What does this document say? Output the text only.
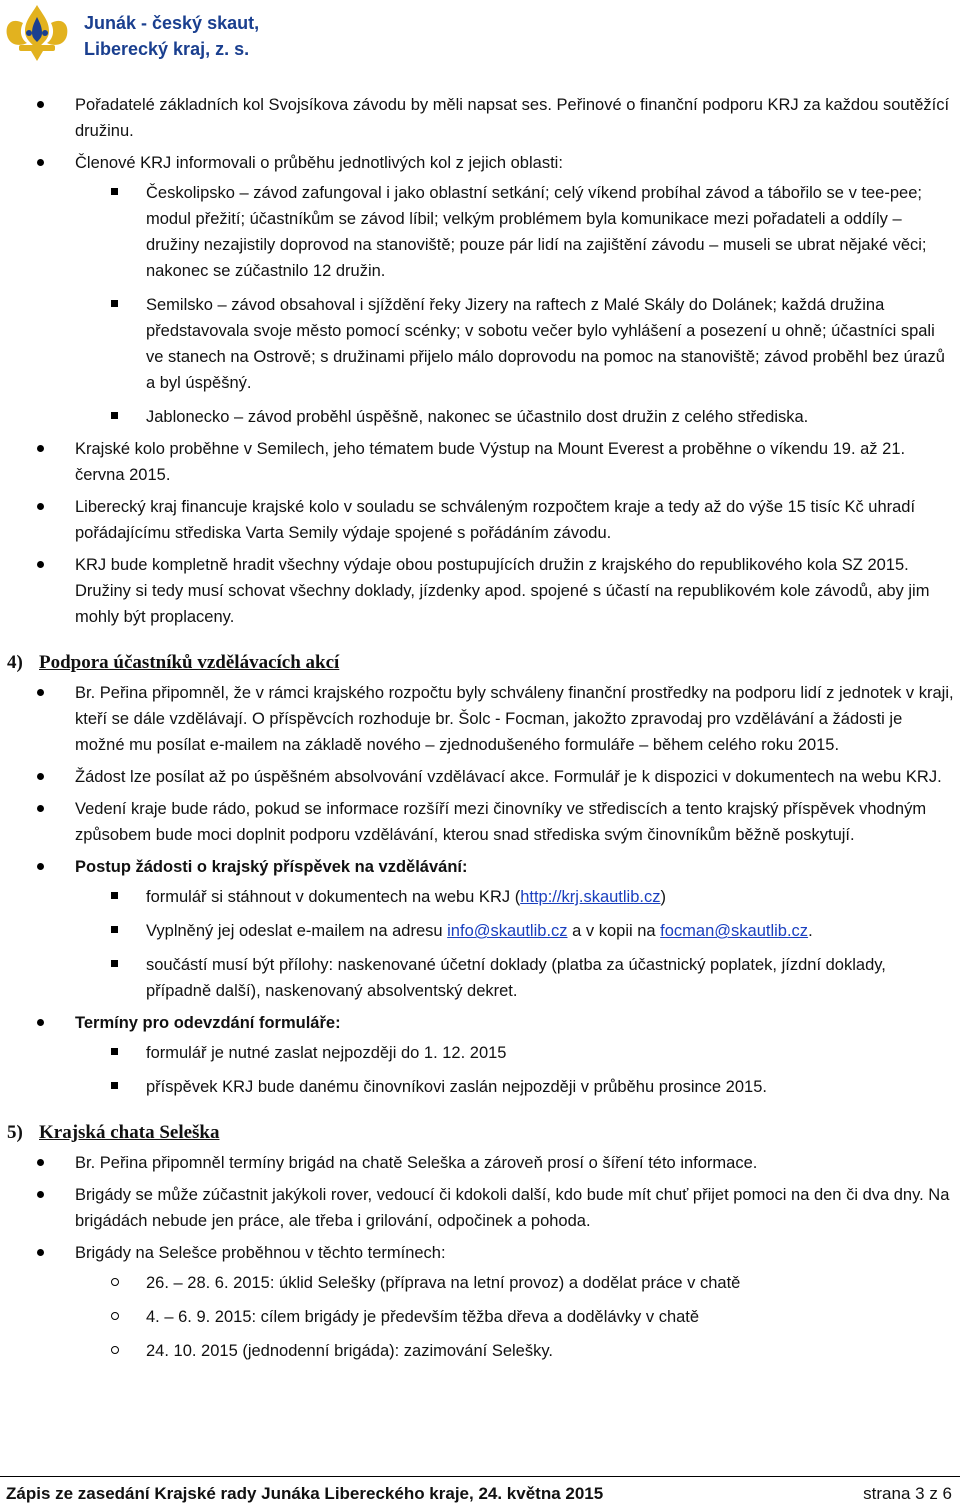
Junák - český skaut,
Liberecký kraj, z. s.
Pořadatelé základních kol Svojsíkova závodu by měli napsat ses. Peřinové o finanční podporu KRJ za každou soutěžící družinu.
Členové KRJ informovali o průběhu jednotlivých kol z jejich oblasti:
Českolipsko – závod zafungoval i jako oblastní setkání; celý víkend probíhal závod a tábořilo se v tee-pee; modul přežití; účastníkům se závod líbil; velkým problémem byla komunikace mezi pořadateli a oddíly – družiny nezajistily doprovod na stanoviště; pouze pár lidí na zajištění závodu – museli se ubrat nějaké věci; nakonec se zúčastnilo 12 družin.
Semilsko – závod obsahoval i sjíždění řeky Jizery na raftech z Malé Skály do Dolánek; každá družina představovala svoje město pomocí scénky; v sobotu večer bylo vyhlášení a posezení u ohně; účastníci spali ve stanech na Ostrově; s družinami přijelo málo doprovodu na pomoc na stanoviště; závod proběhl bez úrazů a byl úspěšný.
Jablonecko – závod proběhl úspěšně, nakonec se účastnilo dost družin z celého střediska.
Krajské kolo proběhne v Semilech, jeho tématem bude Výstup na Mount Everest a proběhne o víkendu 19. až 21. června 2015.
Liberecký kraj financuje krajské kolo v souladu se schváleným rozpočtem kraje a tedy až do výše 15 tisíc Kč uhradí pořádajícímu střediska Varta Semily výdaje spojené s pořádáním závodu.
KRJ bude kompletně hradit všechny výdaje obou postupujících družin z krajského do republikového kola SZ 2015. Družiny si tedy musí schovat všechny doklady, jízdenky apod. spojené s účastí na republikovém kole závodů, aby jim mohly být proplaceny.
4) Podpora účastníků vzdělávacích akcí
Br. Peřina připomněl, že v rámci krajského rozpočtu byly schváleny finanční prostředky na podporu lidí z jednotek v kraji, kteří se dále vzdělávají. O příspěvcích rozhoduje br. Šolc - Focman, jakožto zpravodaj pro vzdělávání a žádosti je možné mu posílat e-mailem na základě nového – zjednodušeného formuláře – během celého roku 2015.
Žádost lze posílat až po úspěšném absolvování vzdělávací akce. Formulář je k dispozici v dokumentech na webu KRJ.
Vedení kraje bude rádo, pokud se informace rozšíří mezi činovníky ve střediscích a tento krajský příspěvek vhodným způsobem bude moci doplnit podporu vzdělávání, kterou snad střediska svým činovníkům běžně poskytují.
Postup žádosti o krajský příspěvek na vzdělávání:
formulář si stáhnout v dokumentech na webu KRJ (http://krj.skautlib.cz)
Vyplněný jej odeslat e-mailem na adresu info@skautlib.cz a v kopii na focman@skautlib.cz.
součástí musí být přílohy: naskenované účetní doklady (platba za účastnický poplatek, jízdní doklady, případně další), naskenovaný absolventský dekret.
Termíny pro odevzdání formuláře:
formulář je nutné zaslat nejpozději do 1. 12. 2015
příspěvek KRJ bude danému činovníkovi zaslán nejpozději v průběhu prosince 2015.
5) Krajská chata Seleška
Br. Peřina připomněl termíny brigád na chatě Seleška a zároveň prosí o šíření této informace.
Brigády se může zúčastnit jakýkoli rover, vedoucí či kdokoli další, kdo bude mít chuť přijet pomoci na den či dva dny. Na brigádách nebude jen práce, ale třeba i grilování, odpočinek a pohoda.
Brigády na Selešce proběhnou v těchto termínech:
26. – 28. 6. 2015: úklid Selešky (příprava na letní provoz) a dodělat práce v chatě
4. – 6. 9. 2015: cílem brigády je především těžba dřeva a dodělávky v chatě
24. 10. 2015 (jednodenní brigáda): zazimování Selešky.
Zápis ze zasedání Krajské rady Junáka Libereckého kraje, 24. května 2015	strana 3 z 6
